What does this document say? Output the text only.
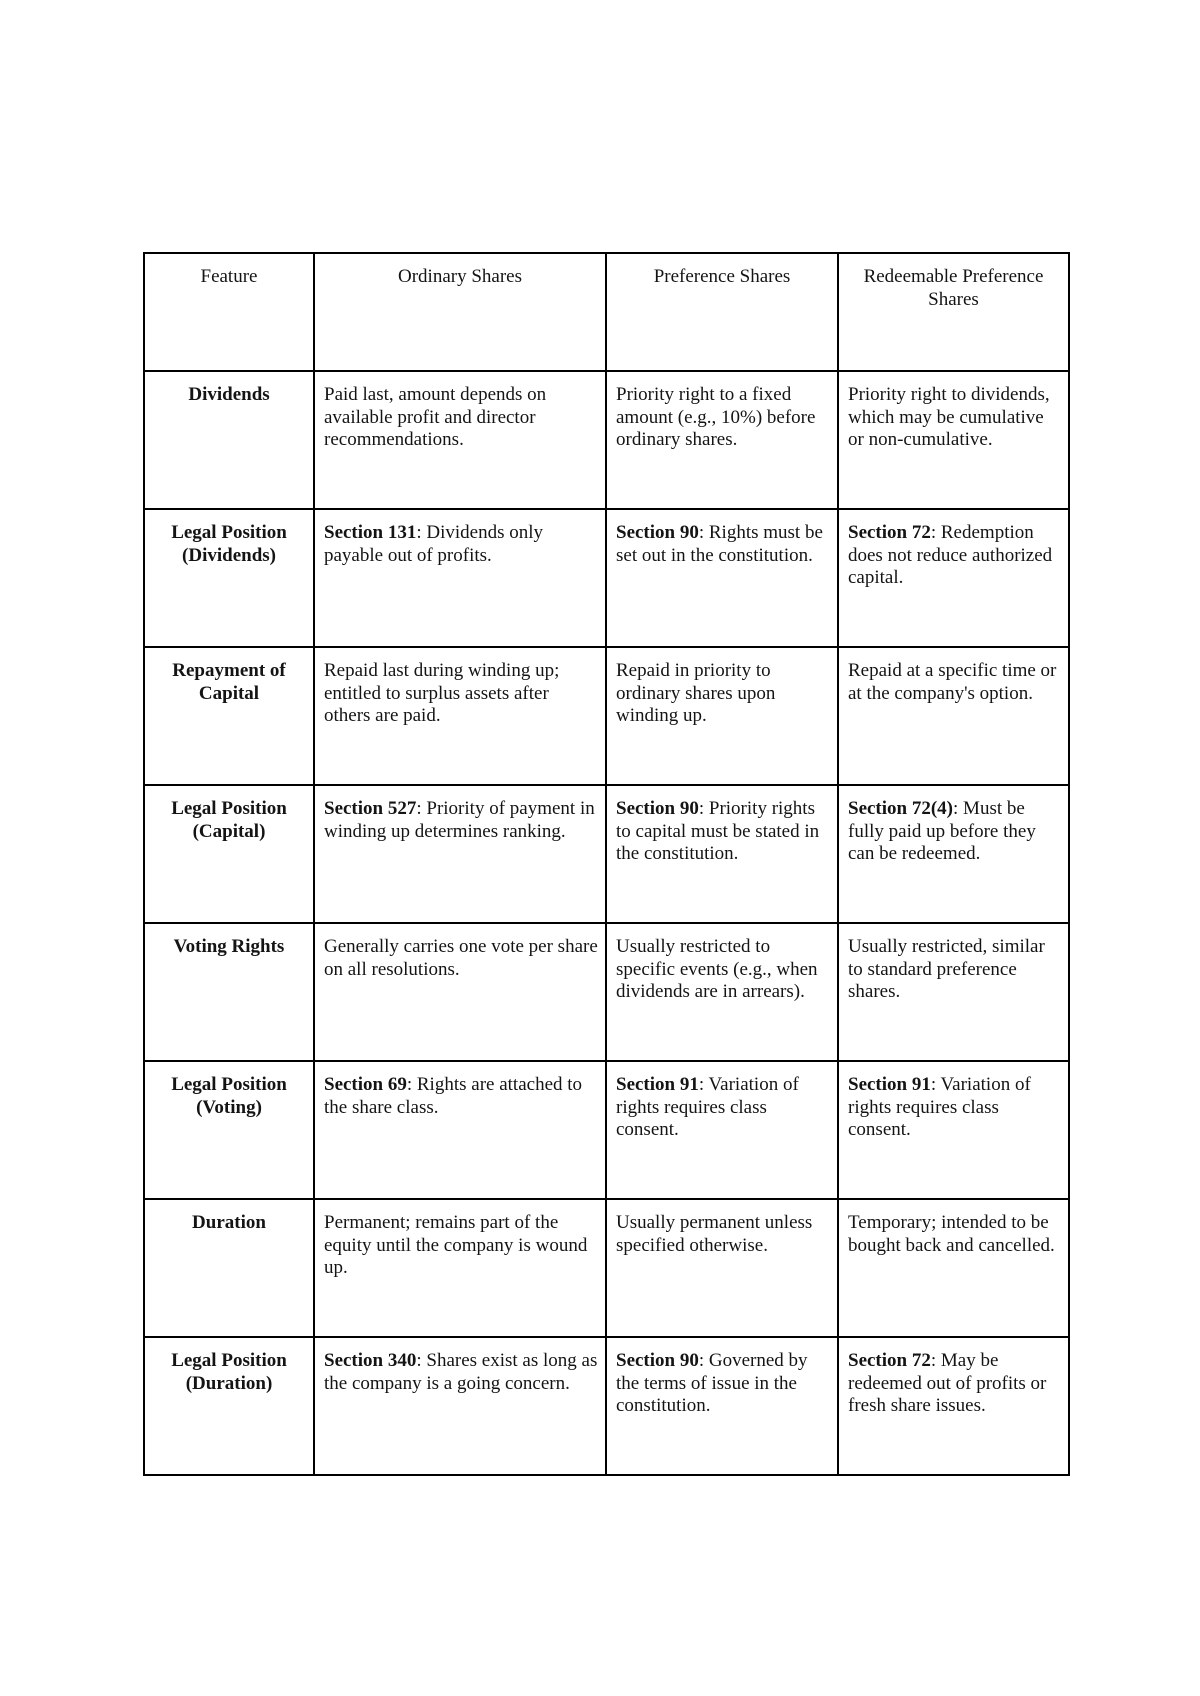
Feature	Ordinary Shares	Preference Shares	Redeemable Preference Shares
Dividends	Paid last, amount depends on available profit and director recommendations.	Priority right to a fixed amount (e.g., 10%) before ordinary shares.	Priority right to dividends, which may be cumulative or non-cumulative.
Legal Position (Dividends)	Section 131: Dividends only payable out of profits.	Section 90: Rights must be set out in the constitution.	Section 72: Redemption does not reduce authorized capital.
Repayment of Capital	Repaid last during winding up; entitled to surplus assets after others are paid.	Repaid in priority to ordinary shares upon winding up.	Repaid at a specific time or at the company's option.
Legal Position (Capital)	Section 527: Priority of payment in winding up determines ranking.	Section 90: Priority rights to capital must be stated in the constitution.	Section 72(4): Must be fully paid up before they can be redeemed.
Voting Rights	Generally carries one vote per share on all resolutions.	Usually restricted to specific events (e.g., when dividends are in arrears).	Usually restricted, similar to standard preference shares.
Legal Position (Voting)	Section 69: Rights are attached to the share class.	Section 91: Variation of rights requires class consent.	Section 91: Variation of rights requires class consent.
Duration	Permanent; remains part of the equity until the company is wound up.	Usually permanent unless specified otherwise.	Temporary; intended to be bought back and cancelled.
Legal Position (Duration)	Section 340: Shares exist as long as the company is a going concern.	Section 90: Governed by the terms of issue in the constitution.	Section 72: May be redeemed out of profits or fresh share issues.
